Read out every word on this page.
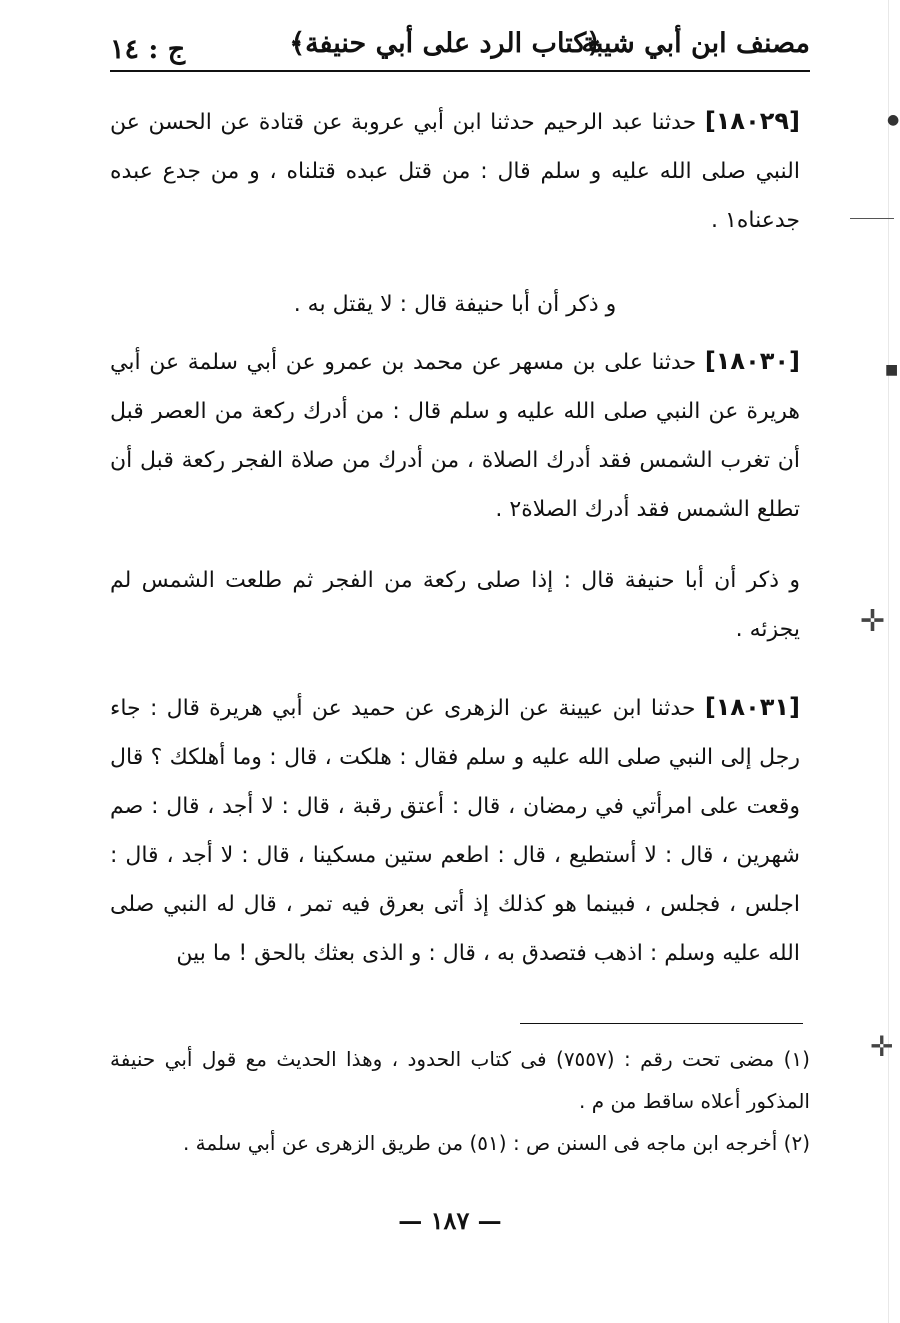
مصنف ابن أبي شيبة
﴿كتاب الرد على أبي حنيفة﴾
ج : ١٤

[١٨٠٢٩] حدثنا عبد الرحيم حدثنا ابن أبي عروبة عن قتادة عن الحسن عن النبي صلى الله عليه و سلم قال : من قتل عبده قتلناه ، و من جدع عبده جدعناه١ .

و ذكر أن أبا حنيفة قال : لا يقتل به .

[١٨٠٣٠] حدثنا على بن مسهر عن محمد بن عمرو عن أبي سلمة عن أبي هريرة عن النبي صلى الله عليه و سلم قال : من أدرك ركعة من العصر قبل أن تغرب الشمس فقد أدرك الصلاة ، من أدرك من صلاة الفجر ركعة قبل أن تطلع الشمس فقد أدرك الصلاة٢ .

و ذكر أن أبا حنيفة قال : إذا صلى ركعة من الفجر ثم طلعت الشمس لم يجزئه .

[١٨٠٣١] حدثنا ابن عيينة عن الزهرى عن حميد عن أبي هريرة قال : جاء رجل إلى النبي صلى الله عليه و سلم فقال : هلكت ، قال : وما أهلكك ؟ قال وقعت على امرأتي في رمضان ، قال : أعتق رقبة ، قال : لا أجد ، قال : صم شهرين ، قال : لا أستطيع ، قال : اطعم ستين مسكينا ، قال : لا أجد ، قال : اجلس ، فجلس ، فبينما هو كذلك إذ أتى بعرق فيه تمر ، قال له النبي صلى الله عليه وسلم : اذهب فتصدق به ، قال : و الذى بعثك بالحق ! ما بين

(١) مضى تحت رقم : (٧٥٥٧) فى كتاب الحدود ، وهذا الحديث مع قول أبي حنيفة المذكور أعلاه ساقط من م .

(٢) أخرجه ابن ماجه فى السنن ص : (٥١) من طريق الزهرى عن أبي سلمة .

— ١٨٧ —
●
■
✛
✛
